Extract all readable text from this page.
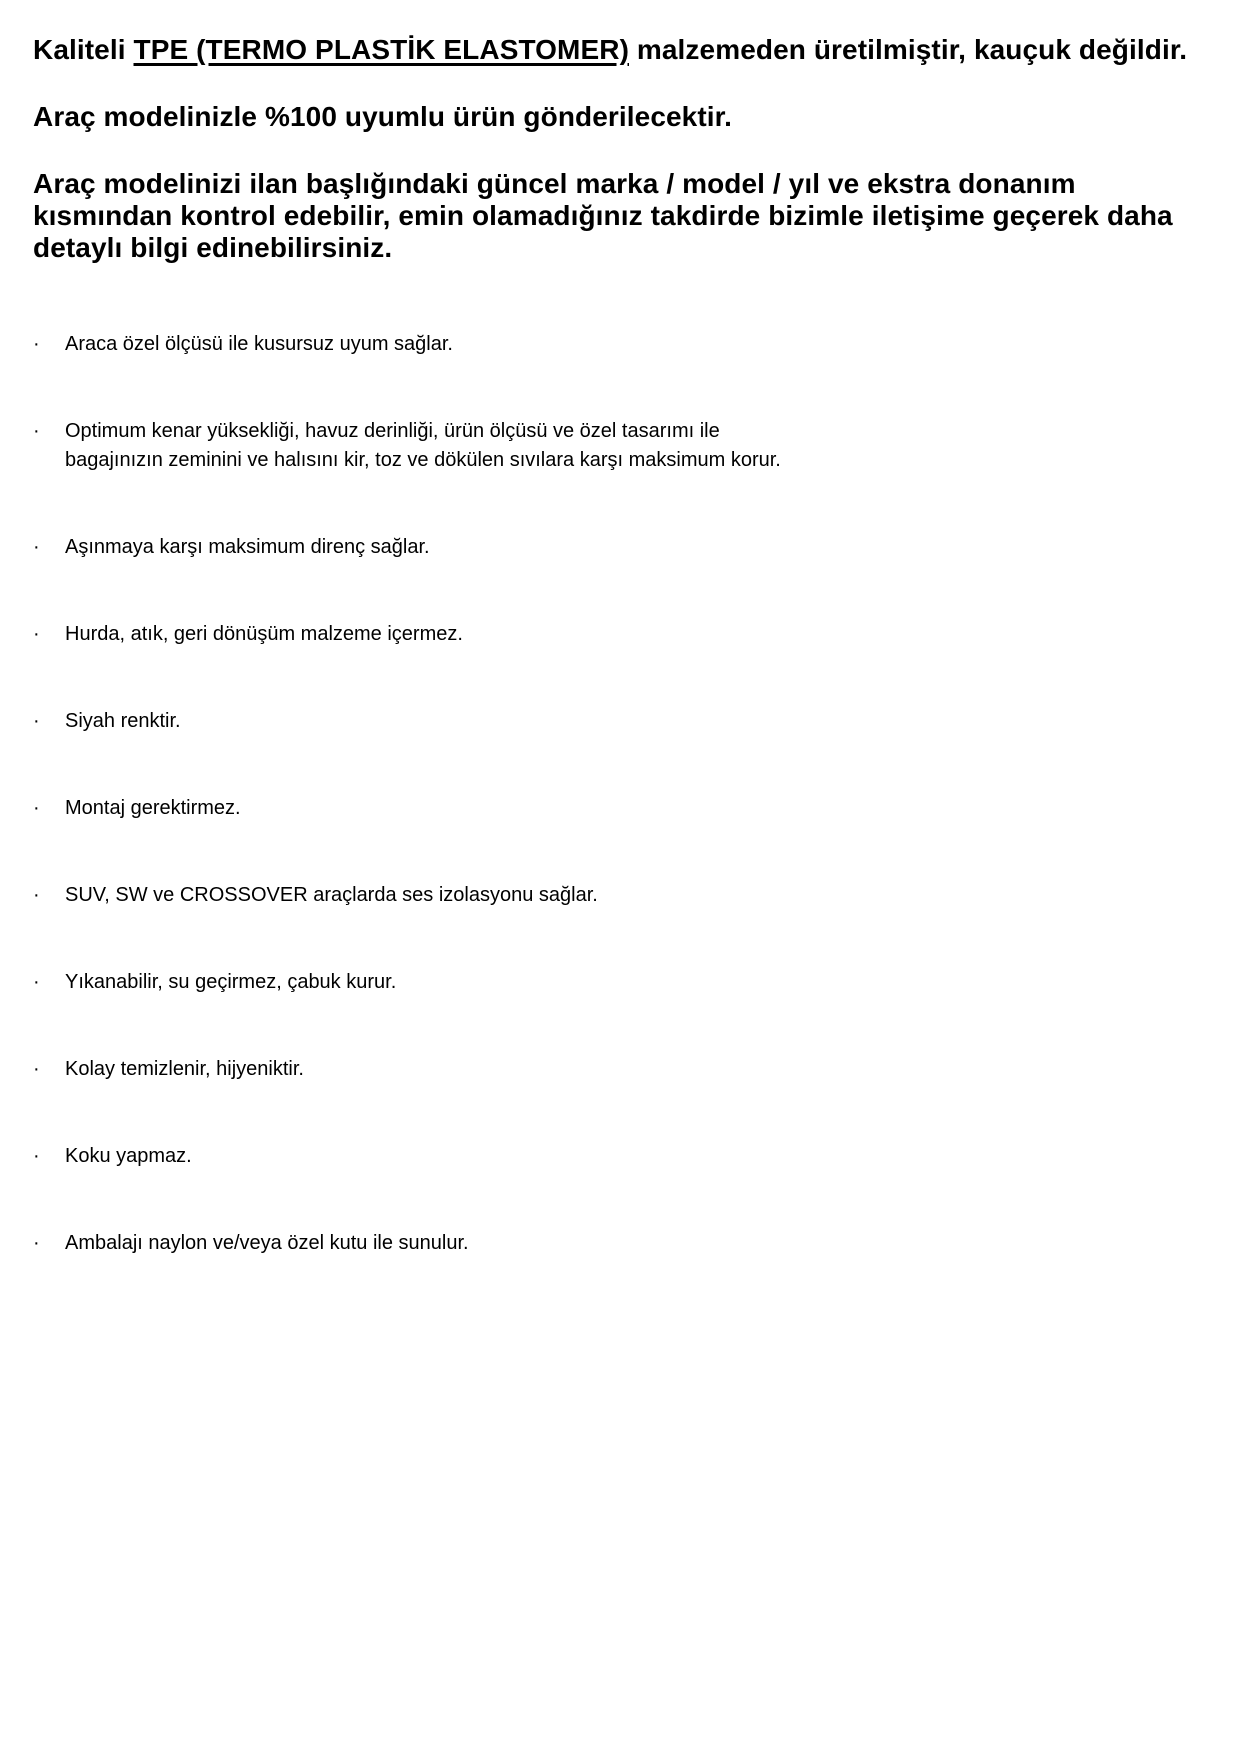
Kaliteli TPE (TERMO PLASTİK ELASTOMER) malzemeden üretilmiştir, kauçuk değildir.

Araç modelinizle %100 uyumlu ürün gönderilecektir.

Araç modelinizi ilan başlığındaki güncel marka / model / yıl ve ekstra donanım
kısmından kontrol edebilir, emin olamadığınız takdirde bizimle iletişime geçerek daha
detaylı bilgi edinebilirsiniz.

· Araca özel ölçüsü ile kusursuz uyum sağlar.
· Optimum kenar yüksekliği, havuz derinliği, ürün ölçüsü ve özel tasarımı ile
bagajınızın zeminini ve halısını kir, toz ve dökülen sıvılara karşı maksimum korur.
· Aşınmaya karşı maksimum direnç sağlar.
· Hurda, atık, geri dönüşüm malzeme içermez.
· Siyah renktir.
· Montaj gerektirmez.
· SUV, SW ve CROSSOVER araçlarda ses izolasyonu sağlar.
· Yıkanabilir, su geçirmez, çabuk kurur.
· Kolay temizlenir, hijyeniktir.
· Koku yapmaz.
· Ambalajı naylon ve/veya özel kutu ile sunulur.
